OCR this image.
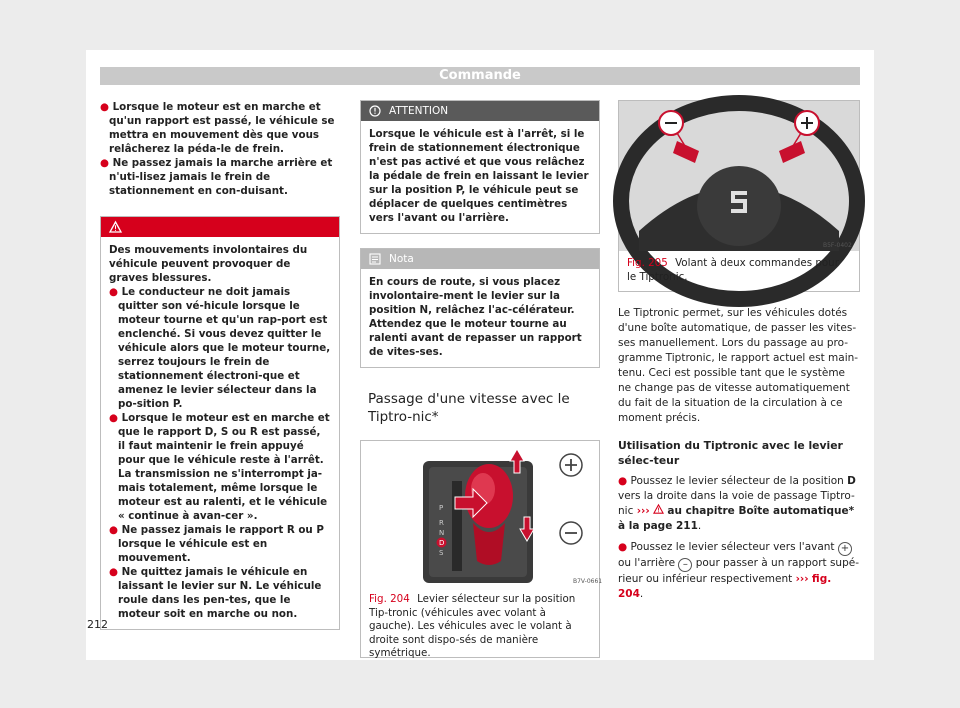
Commande

● Lorsque le moteur est en marche et qu'un rapport est passé, le véhicule se mettra en mouvement dès que vous relâcherez la péda-le de frein.

● Ne passez jamais la marche arrière et n'uti-lisez jamais le frein de stationnement en con-duisant.

AVERTISSEMENT

Des mouvements involontaires du véhicule peuvent provoquer de graves blessures.

● Le conducteur ne doit jamais quitter son vé-hicule lorsque le moteur tourne et qu'un rap-port est enclenché. Si vous devez quitter le véhicule alors que le moteur tourne, serrez toujours le frein de stationnement électroni-que et amenez le levier sélecteur dans la po-sition P.

● Lorsque le moteur est en marche et que le rapport D, S ou R est passé, il faut maintenir le frein appuyé pour que le véhicule reste à l'arrêt. La transmission ne s'interrompt ja-mais totalement, même lorsque le moteur est au ralenti, et le véhicule « continue à avan-cer ».

● Ne passez jamais le rapport R ou P lorsque le véhicule est en mouvement.

● Ne quittez jamais le véhicule en laissant le levier sur N. Le véhicule roule dans les pen-tes, que le moteur soit en marche ou non.

ATTENTION

Lorsque le véhicule est à l'arrêt, si le frein de stationnement électronique n'est pas activé et que vous relâchez la pédale de frein en laissant le levier sur la position P, le véhicule peut se déplacer de quelques centimètres vers l'avant ou l'arrière.

Nota

En cours de route, si vous placez involontaire-ment le levier sur la position N, relâchez l'ac-célérateur. Attendez que le moteur tourne au ralenti avant de repasser un rapport de vites-ses.

Passage d'une vitesse avec le Tiptro-nic*
P
R
N
D
S
B7V-0661
Fig. 204 Levier sélecteur sur la position Tip-tronic (véhicules avec volant à gauche). Les véhicules avec le volant à droite sont dispo-sés de manière symétrique.
B5F-0402
Fig. 205 Volant à deux commandes pour le Tiptronic.

Le Tiptronic permet, sur les véhicules dotés d'une boîte automatique, de passer les vites-ses manuellement. Lors du passage au pro-gramme Tiptronic, le rapport actuel est main-tenu. Ceci est possible tant que le système ne change pas de vitesse automatiquement du fait de la situation de la circulation à ce moment précis.

Utilisation du Tiptronic avec le levier sélec-teur

● Poussez le levier sélecteur de la position D vers la droite dans la voie de passage Tiptro-nic ››› au chapitre Boîte automatique* à la page 211.

● Poussez le levier sélecteur vers l'avant + ou l'arrière – pour passer à un rapport supé-rieur ou inférieur respectivement ››› fig. 204.

212
